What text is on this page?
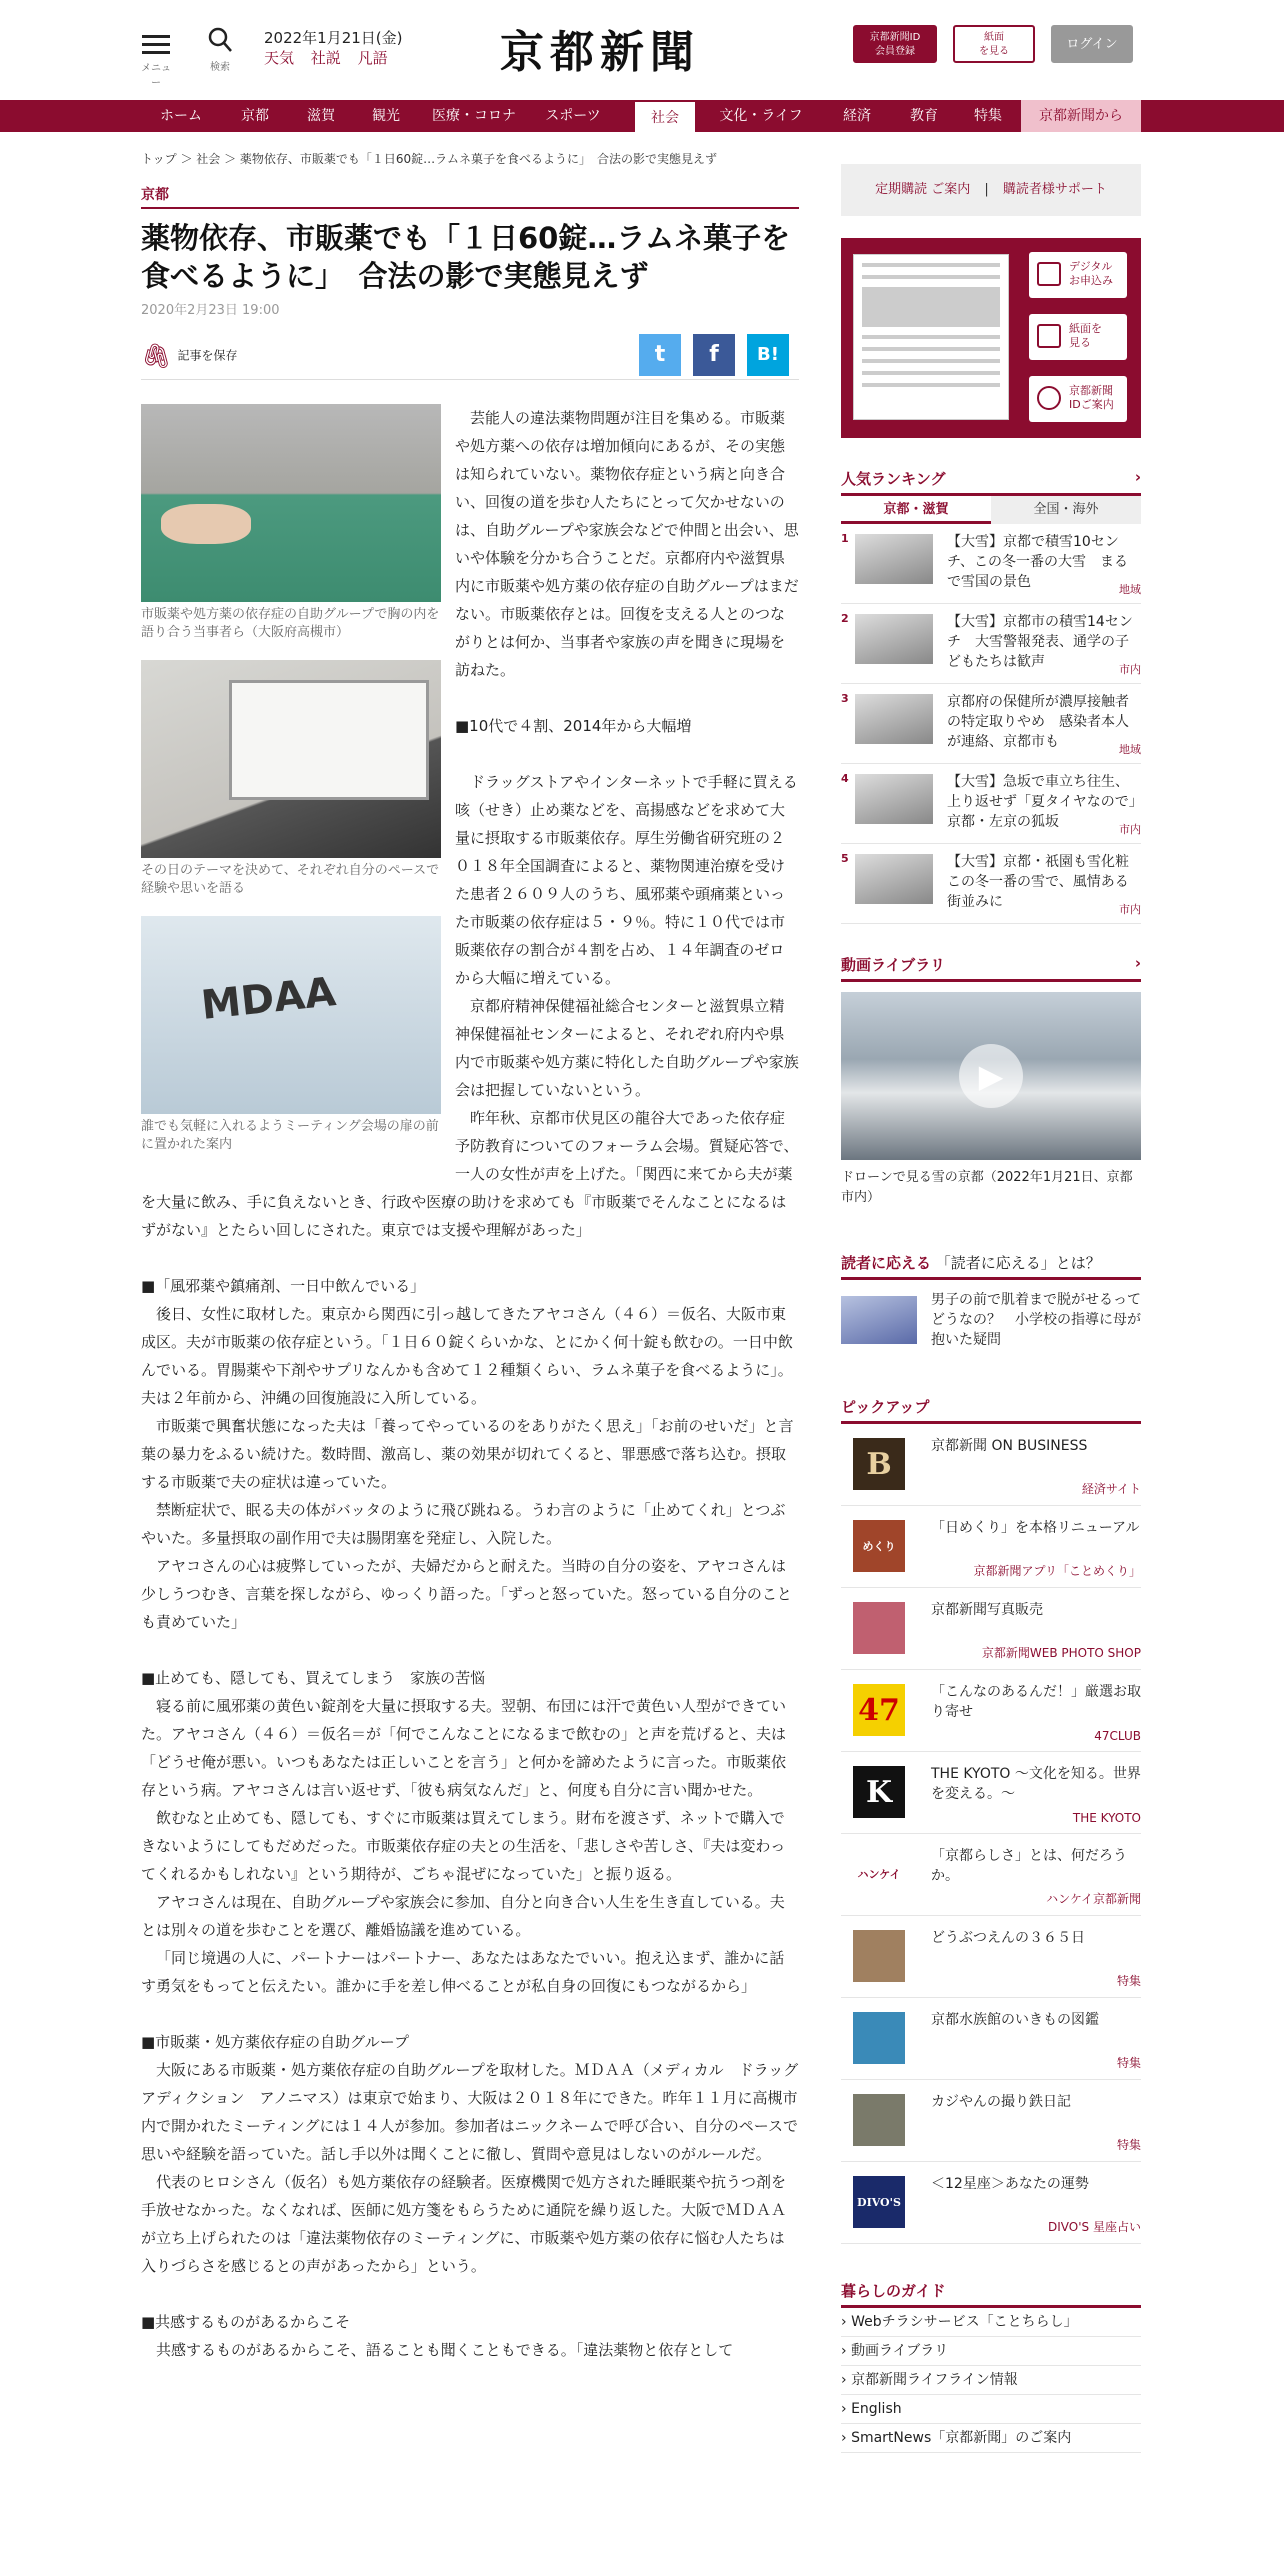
メニュー
検索
2022年1月21日(金)
天気 社説 凡語	京都新聞	京都新聞ID
会員登録
紙面
を見る	ログイン
ホーム	京都	滋賀	観光	医療・コロナ	スポーツ	社会	文化・ライフ	経済	教育	特集	京都新聞から
トップ ＞ 社会 ＞ 薬物依存、市販薬でも「１日60錠…ラムネ菓子を食べるように」　合法の影で実態見えず
京都
薬物依存、市販薬でも「１日60錠…ラムネ菓子を食べるように」　合法の影で実態見えず
2020年2月23日 19:00
🖇 記事を保存	t	f	B!
市販薬や処方薬の依存症の自助グループで胸の内を語り合う当事者ら（大阪府高槻市）
その日のテーマを決めて、それぞれ自分のペースで経験や思いを語る
MDAA
誰でも気軽に入れるようミーティング会場の扉の前に置かれた案内

芸能人の違法薬物問題が注目を集める。市販薬や処方薬への依存は増加傾向にあるが、その実態は知られていない。薬物依存症という病と向き合い、回復の道を歩む人たちにとって欠かせないのは、自助グループや家族会などで仲間と出会い、思いや体験を分かち合うことだ。京都府内や滋賀県内に市販薬や処方薬の依存症の自助グループはまだない。市販薬依存とは。回復を支える人とのつながりとは何か、当事者や家族の声を聞きに現場を訪ねた。

■10代で４割、2014年から大幅増

ドラッグストアやインターネットで手軽に買える咳（せき）止め薬などを、高揚感などを求めて大量に摂取する市販薬依存。厚生労働省研究班の２０１８年全国調査によると、薬物関連治療を受けた患者２６０９人のうち、風邪薬や頭痛薬といった市販薬の依存症は５・９％。特に１０代では市販薬依存の割合が４割を占め、１４年調査のゼロから大幅に増えている。

京都府精神保健福祉総合センターと滋賀県立精神保健福祉センターによると、それぞれ府内や県内で市販薬や処方薬に特化した自助グループや家族会は把握していないという。

昨年秋、京都市伏見区の龍谷大であった依存症予防教育についてのフォーラム会場。質疑応答で、一人の女性が声を上げた。「関西に来てから夫が薬を大量に飲み、手に負えないとき、行政や医療の助けを求めても『市販薬でそんなことになるはずがない』とたらい回しにされた。東京では支援や理解があった」

■「風邪薬や鎮痛剤、一日中飲んでいる」

後日、女性に取材した。東京から関西に引っ越してきたアヤコさん（４６）＝仮名、大阪市東成区。夫が市販薬の依存症という。「１日６０錠くらいかな、とにかく何十錠も飲むの。一日中飲んでいる。胃腸薬や下剤やサプリなんかも含めて１２種類くらい、ラムネ菓子を食べるように」。夫は２年前から、沖縄の回復施設に入所している。

市販薬で興奮状態になった夫は「養ってやっているのをありがたく思え」「お前のせいだ」と言葉の暴力をふるい続けた。数時間、激高し、薬の効果が切れてくると、罪悪感で落ち込む。摂取する市販薬で夫の症状は違っていた。

禁断症状で、眠る夫の体がバッタのように飛び跳ねる。うわ言のように「止めてくれ」とつぶやいた。多量摂取の副作用で夫は腸閉塞を発症し、入院した。

アヤコさんの心は疲弊していったが、夫婦だからと耐えた。当時の自分の姿を、アヤコさんは少しうつむき、言葉を探しながら、ゆっくり語った。「ずっと怒っていた。怒っている自分のことも責めていた」

■止めても、隠しても、買えてしまう　家族の苦悩

寝る前に風邪薬の黄色い錠剤を大量に摂取する夫。翌朝、布団には汗で黄色い人型ができていた。アヤコさん（４６）＝仮名＝が「何でこんなことになるまで飲むの」と声を荒げると、夫は「どうせ俺が悪い。いつもあなたは正しいことを言う」と何かを諦めたように言った。市販薬依存という病。アヤコさんは言い返せず、「彼も病気なんだ」と、何度も自分に言い聞かせた。

飲むなと止めても、隠しても、すぐに市販薬は買えてしまう。財布を渡さず、ネットで購入できないようにしてもだめだった。市販薬依存症の夫との生活を、「悲しさや苦しさ、『夫は変わってくれるかもしれない』という期待が、ごちゃ混ぜになっていた」と振り返る。

アヤコさんは現在、自助グループや家族会に参加、自分と向き合い人生を生き直している。夫とは別々の道を歩むことを選び、離婚協議を進めている。

「同じ境遇の人に、パートナーはパートナー、あなたはあなたでいい。抱え込まず、誰かに話す勇気をもってと伝えたい。誰かに手を差し伸べることが私自身の回復にもつながるから」

■市販薬・処方薬依存症の自助グループ

大阪にある市販薬・処方薬依存症の自助グループを取材した。ＭＤＡＡ（メディカル　ドラッグ　アディクション　アノニマス）は東京で始まり、大阪は２０１８年にできた。昨年１１月に高槻市内で開かれたミーティングには１４人が参加。参加者はニックネームで呼び合い、自分のペースで思いや経験を語っていた。話し手以外は聞くことに徹し、質問や意見はしないのがルールだ。

代表のヒロシさん（仮名）も処方薬依存の経験者。医療機関で処方された睡眠薬や抗うつ剤を手放せなかった。なくなれば、医師に処方箋をもらうために通院を繰り返した。大阪でＭＤＡＡが立ち上げられたのは「違法薬物依存のミーティングに、市販薬や処方薬の依存に悩む人たちは入りづらさを感じるとの声があったから」という。

■共感するものがあるからこそ

共感するものがあるからこそ、語ることも聞くこともできる。「違法薬物と依存として

定期購読 ご案内 | 購読者様サポート
デジタル
お申込み
紙面を
見る
京都新聞
IDご案内
人気ランキング	›
京都・滋賀	全国・海外
1	【大雪】京都で積雪10センチ、この冬一番の大雪　まるで雪国の景色	地域
2	【大雪】京都市の積雪14センチ　大雪警報発表、通学の子どもたちは歓声	市内
3	京都府の保健所が濃厚接触者の特定取りやめ　感染者本人が連絡、京都市も	地域
4	【大雪】急坂で車立ち往生、上り返せず「夏タイヤなので」京都・左京の狐坂	市内
5	【大雪】京都・祇園も雪化粧　この冬一番の雪で、風情ある街並みに	市内
動画ライブラリ	›
▶
ドローンで見る雪の京都（2022年1月21日、京都市内）
読者に応える 「読者に応える」とは？
男子の前で肌着まで脱がせるってどうなの？　小学校の指導に母が抱いた疑問
ピックアップ
B
京都新聞 ON BUSINESS
経済サイト
めくり
「日めくり」を本格リニューアル
京都新聞アプリ「ことめくり」
京都新聞写真販売
京都新聞WEB PHOTO SHOP
47
「こんなのあるんだ！」厳選お取り寄せ
47CLUB
K
THE KYOTO ～文化を知る。世界を変える。～
THE KYOTO
ハンケイ
「京都らしさ」とは、何だろうか。
ハンケイ京都新聞
どうぶつえんの３６５日
特集
京都水族館のいきもの図鑑
特集
カジやんの撮り鉄日記
特集
DIVO'S
＜12星座＞あなたの運勢
DIVO'S 星座占い
暮らしのガイド
› Webチラシサービス「ことちらし」
› 動画ライブラリ
› 京都新聞ライフライン情報
› English
› SmartNews「京都新聞」のご案内
